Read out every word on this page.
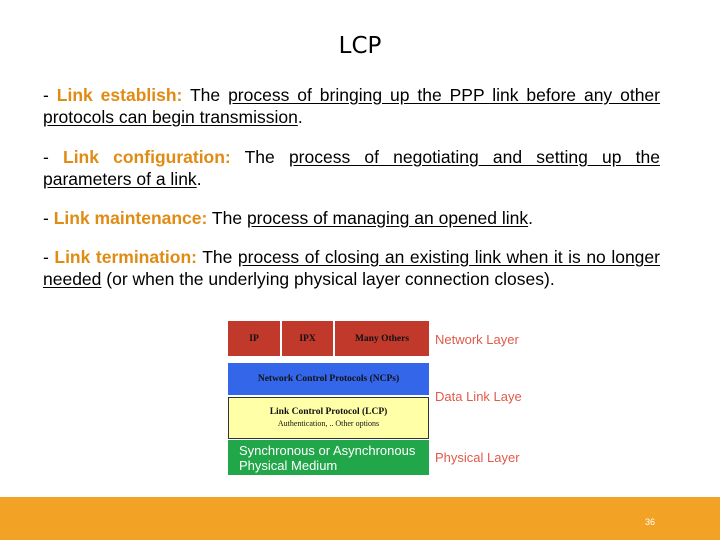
LCP
- Link establish: The process of bringing up the PPP link before any other protocols can begin transmission.
- Link configuration: The process of negotiating and setting up the parameters of a link.
- Link maintenance: The process of managing an opened link.
- Link termination: The process of closing an existing link when it is no longer needed (or when the underlying physical layer connection closes).
IP	IPX	Many Others
Network Control Protocols (NCPs)
Link Control Protocol (LCP)
Authentication, .. Other options
Synchronous or Asynchronous
Physical Medium
Network Layer
Data Link Laye
Physical Layer
36
